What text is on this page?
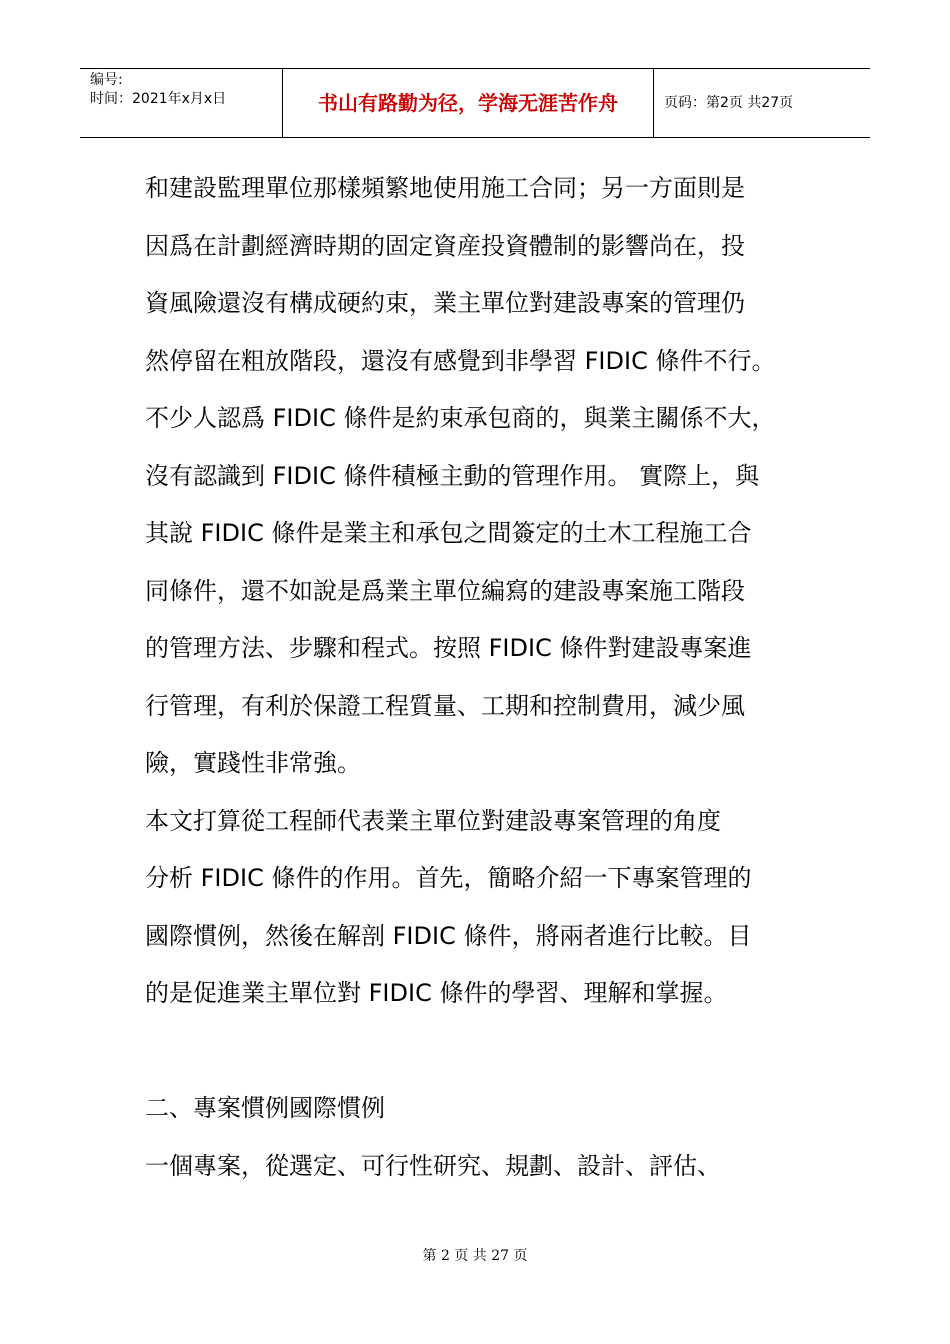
编号:
时间：2021年x月x日	书山有路勤为径，学海无涯苦作舟	页码：第2页 共27页
和建設監理單位那樣頻繁地使用施工合同；另一方面則是
因爲在計劃經濟時期的固定資産投資體制的影響尚在，投
資風險還沒有構成硬約束，業主單位對建設專案的管理仍
然停留在粗放階段，還沒有感覺到非學習 FIDIC 條件不行。
不少人認爲 FIDIC 條件是約束承包商的，與業主關係不大，
沒有認識到 FIDIC 條件積極主動的管理作用。 實際上，與
其說 FIDIC 條件是業主和承包之間簽定的土木工程施工合
同條件，還不如說是爲業主單位編寫的建設專案施工階段
的管理方法、步驟和程式。按照 FIDIC 條件對建設專案進
行管理，有利於保證工程質量、工期和控制費用，減少風
險，實踐性非常強。
本文打算從工程師代表業主單位對建設專案管理的角度
分析 FIDIC 條件的作用。首先，簡略介紹一下專案管理的
國際慣例，然後在解剖 FIDIC 條件，將兩者進行比較。目
的是促進業主單位對 FIDIC 條件的學習、理解和掌握。
二、專案慣例國際慣例
一個專案，從選定、可行性研究、規劃、設計、評估、
第 2 页 共 27 页
